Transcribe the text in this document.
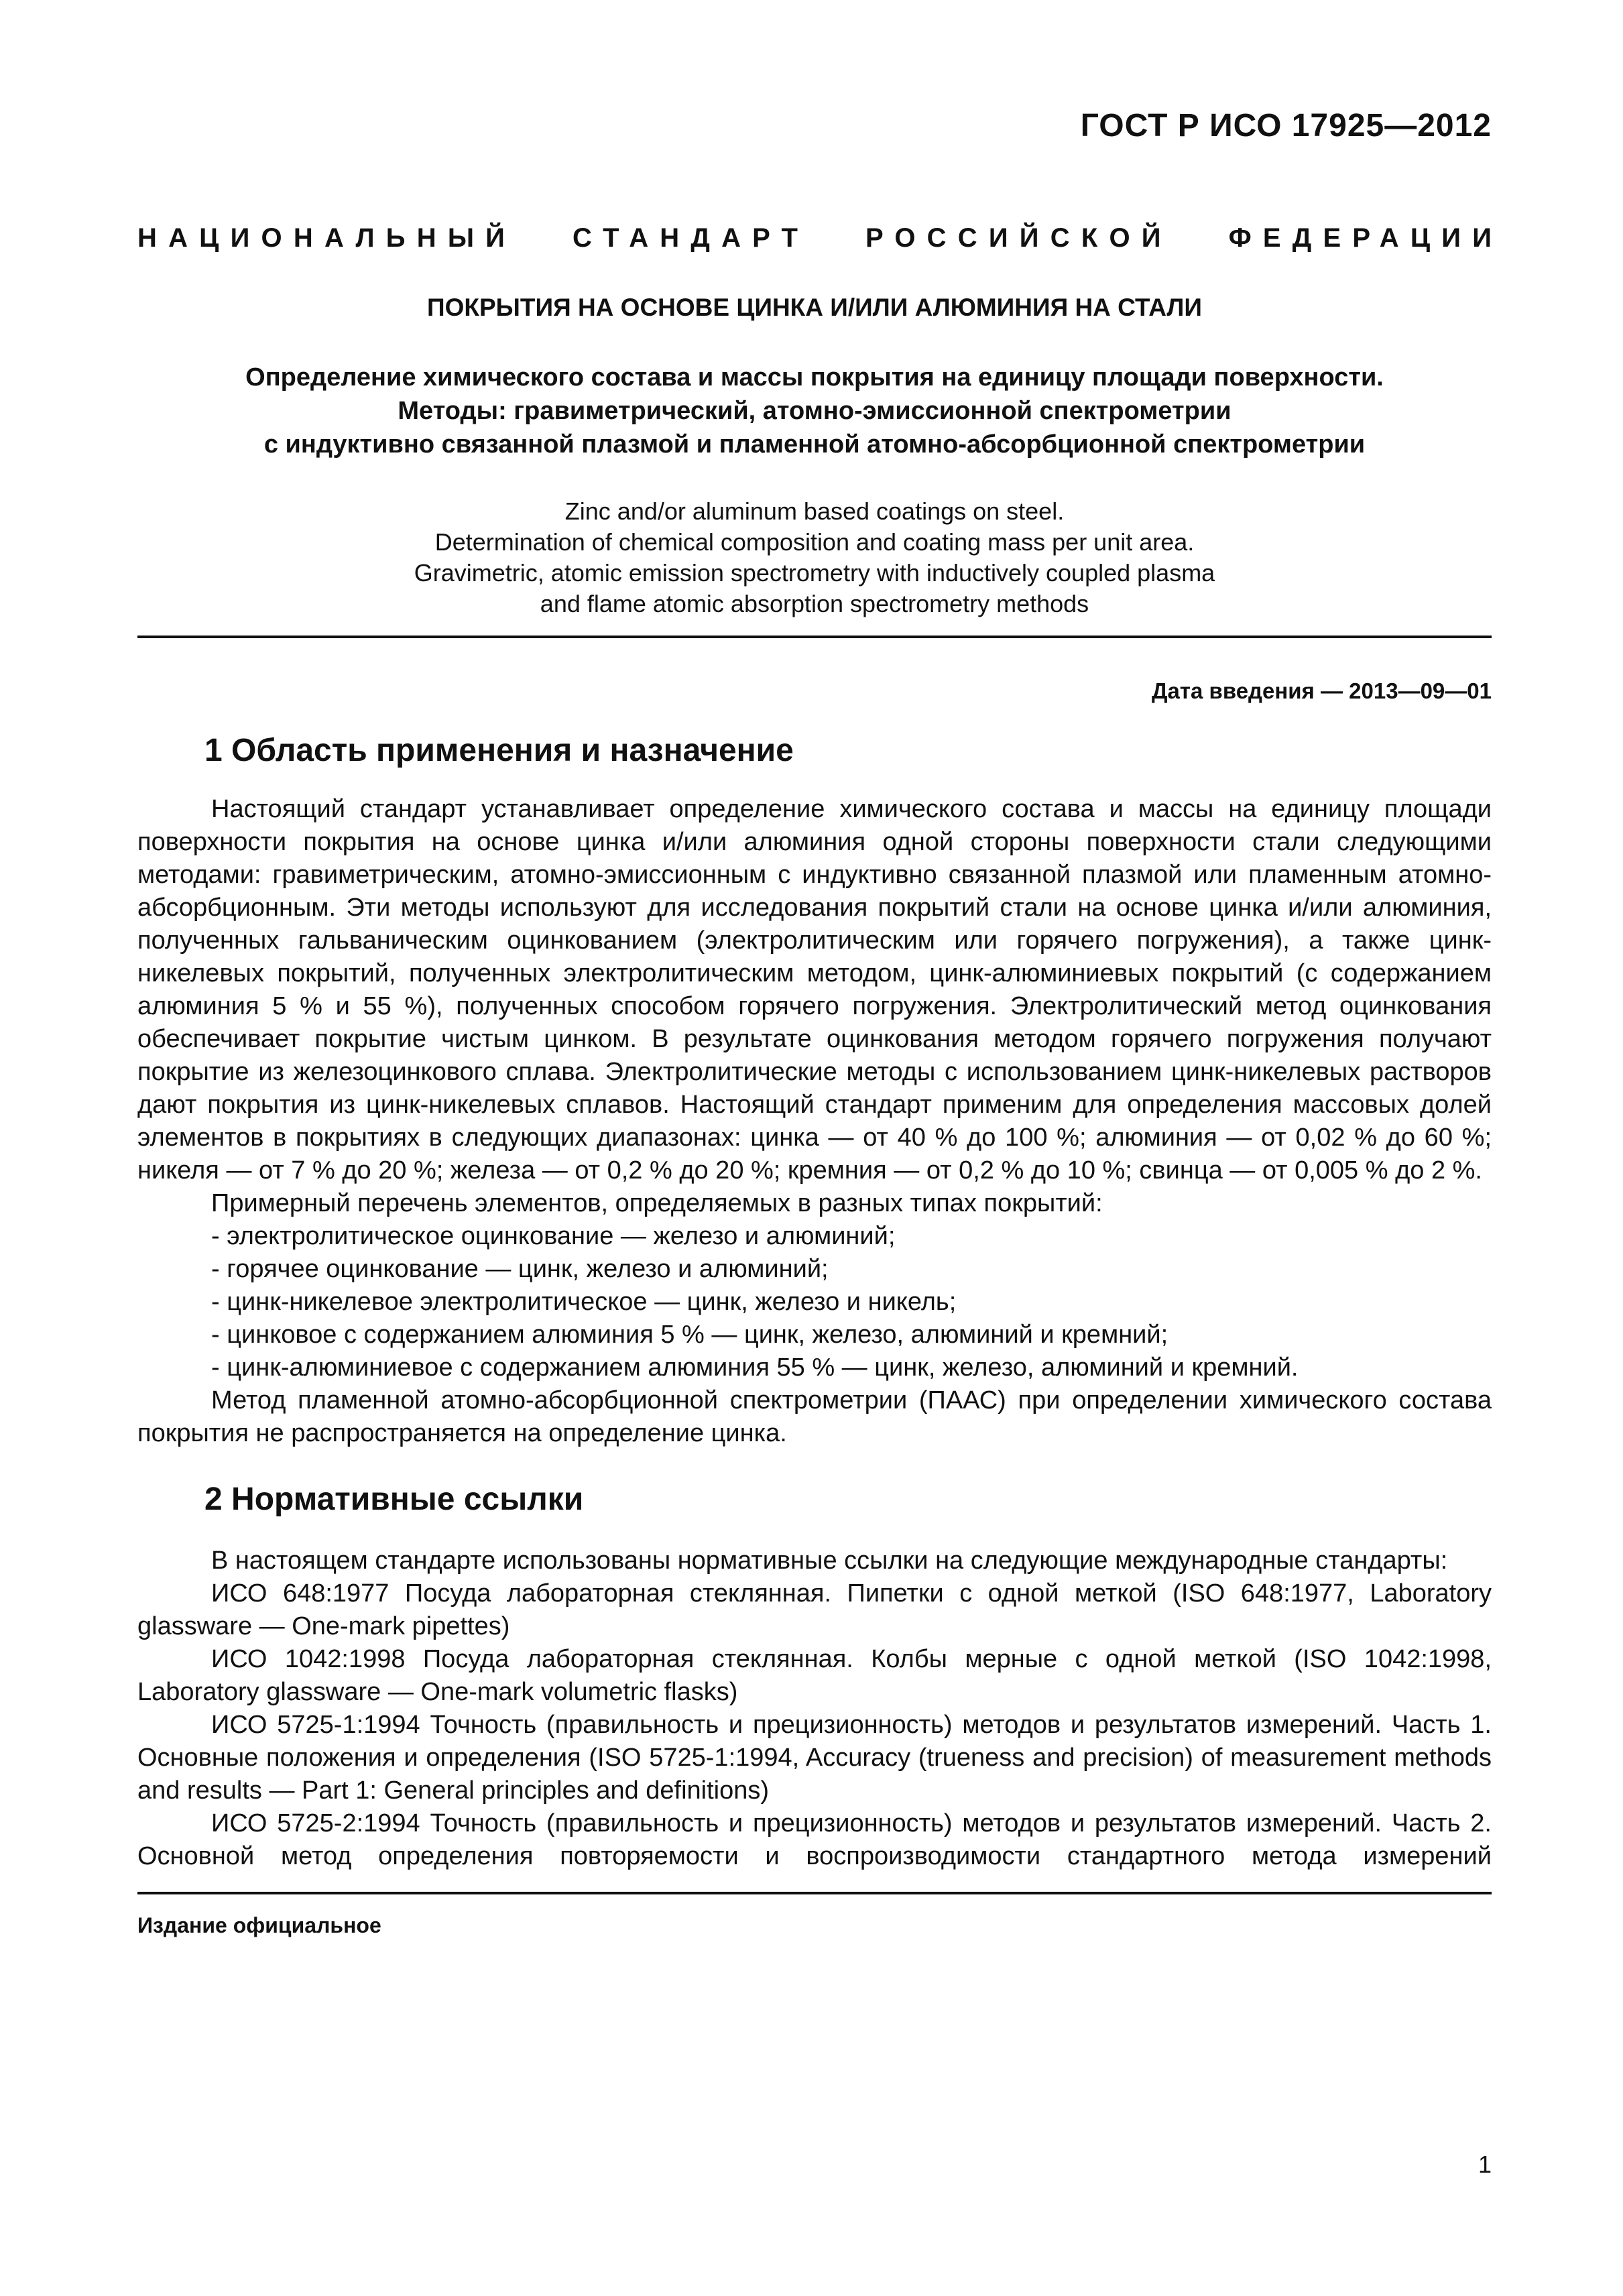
ГОСТ Р ИСО 17925—2012

НАЦИОНАЛЬНЫЙ СТАНДАРТ РОССИЙСКОЙ ФЕДЕРАЦИИ
ПОКРЫТИЯ НА ОСНОВЕ ЦИНКА И/ИЛИ АЛЮМИНИЯ НА СТАЛИ
Определение химического состава и массы покрытия на единицу площади поверхности.
Методы: гравиметрический, атомно-эмиссионной спектрометрии
с индуктивно связанной плазмой и пламенной атомно-абсорбционной спектрометрии
Zinc and/or aluminum based coatings on steel.
Determination of chemical composition and coating mass per unit area.
Gravimetric, atomic emission spectrometry with inductively coupled plasma
and flame atomic absorption spectrometry methods
Дата введения — 2013—09—01
1 Область применения и назначение

Настоящий стандарт устанавливает определение химического состава и массы на единицу площади поверхности покрытия на основе цинка и/или алюминия одной стороны поверхности стали следующими методами: гравиметрическим, атомно-эмиссионным с индуктивно связанной плазмой или пламенным атомно-абсорбционным. Эти методы используют для исследования покрытий стали на основе цинка и/или алюминия, полученных гальваническим оцинкованием (электролитическим или горячего погружения), а также цинк-никелевых покрытий, полученных электролитическим методом, цинк-алюминиевых покрытий (с содержанием алюминия 5 % и 55 %), полученных способом горячего погружения. Электролитический метод оцинкования обеспечивает покрытие чистым цинком. В результате оцинкования методом горячего погружения получают покрытие из железоцинкового сплава. Электролитические методы с использованием цинк-никелевых растворов дают покрытия из цинк-никелевых сплавов. Настоящий стандарт применим для определения массовых долей элементов в покрытиях в следующих диапазонах: цинка — от 40 % до 100 %; алюминия — от 0,02 % до 60 %; никеля — от 7 % до 20 %; железа — от 0,2 % до 20 %; кремния — от 0,2 % до 10 %; свинца — от 0,005 % до 2 %.

Примерный перечень элементов, определяемых в разных типах покрытий:

- электролитическое оцинкование — железо и алюминий;

- горячее оцинкование — цинк, железо и алюминий;

- цинк-никелевое электролитическое — цинк, железо и никель;

- цинковое с содержанием алюминия 5 % — цинк, железо, алюминий и кремний;

- цинк-алюминиевое с содержанием алюминия 55 % — цинк, железо, алюминий и кремний.

Метод пламенной атомно-абсорбционной спектрометрии (ПААС) при определении химического состава покрытия не распространяется на определение цинка.

2 Нормативные ссылки

В настоящем стандарте использованы нормативные ссылки на следующие международные стандарты:

ИСО 648:1977 Посуда лабораторная стеклянная. Пипетки с одной меткой (ISO 648:1977, Laboratory glassware — One-mark pipettes)

ИСО 1042:1998 Посуда лабораторная стеклянная. Колбы мерные с одной меткой (ISO 1042:1998, Laboratory glassware — One-mark volumetric flasks)

ИСО 5725-1:1994 Точность (правильность и прецизионность) методов и результатов измерений. Часть 1. Основные положения и определения (ISO 5725-1:1994, Accuracy (trueness and precision) of measurement methods and results — Part 1: General principles and definitions)

ИСО 5725-2:1994 Точность (правильность и прецизионность) методов и результатов измерений. Часть 2. Основной метод определения повторяемости и воспроизводимости стандартного метода измерений

Издание официальное
1
